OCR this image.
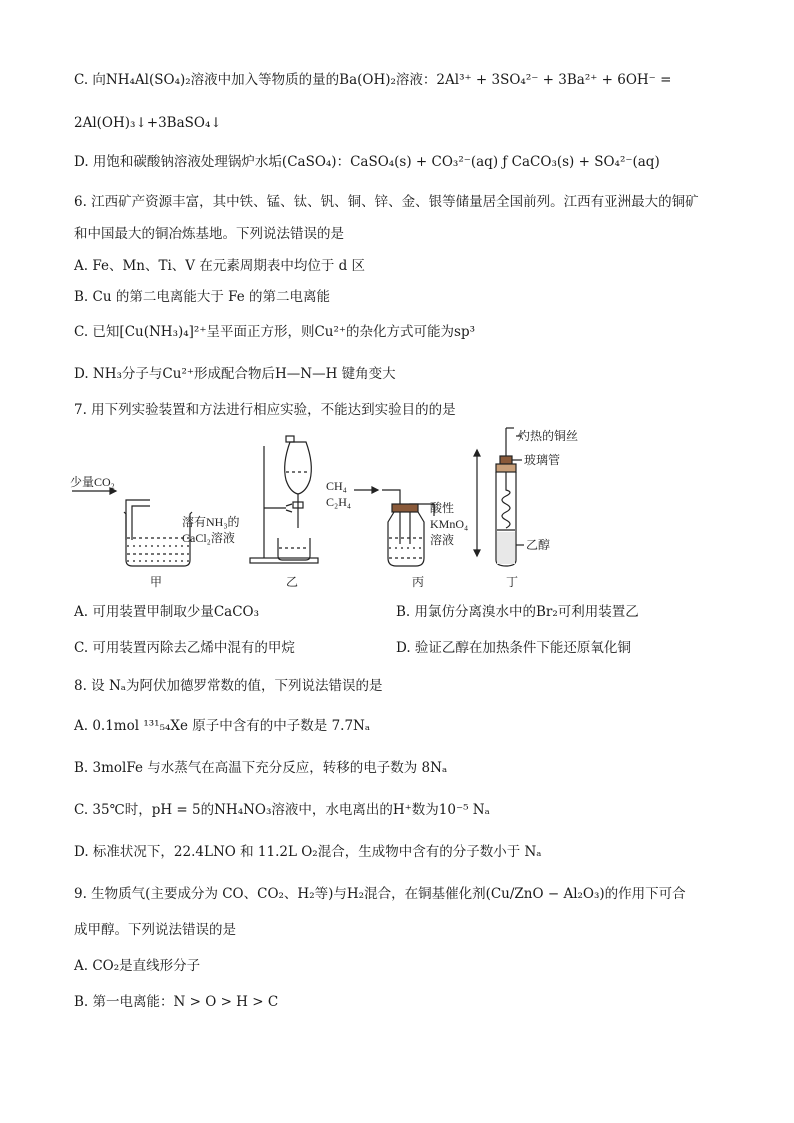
C. 向NH₄Al(SO₄)₂溶液中加入等物质的量的Ba(OH)₂溶液：2Al³⁺ + 3SO₄²⁻ + 3Ba²⁺ + 6OH⁻ =
2Al(OH)₃↓+3BaSO₄↓
D. 用饱和碳酸钠溶液处理锅炉水垢(CaSO₄)：CaSO₄(s) + CO₃²⁻(aq) ƒ CaCO₃(s) + SO₄²⁻(aq)
6. 江西矿产资源丰富，其中铁、锰、钛、钒、铜、锌、金、银等储量居全国前列。江西有亚洲最大的铜矿
和中国最大的铜冶炼基地。下列说法错误的是
A. Fe、Mn、Ti、V 在元素周期表中均位于 d 区
B. Cu 的第二电离能大于 Fe 的第二电离能
C. 已知[Cu(NH₃)₄]²⁺呈平面正方形，则Cu²⁺的杂化方式可能为sp³
D. NH₃分子与Cu²⁺形成配合物后H—N—H 键角变大
7. 用下列实验装置和方法进行相应实验，不能达到实验目的的是
少量CO₂
溶有NH₃的
CaCl₂溶液
CH₄
C₂H₄	酸性
KMnO₄
溶液
灼热的铜丝
玻璃管
乙醇
甲	乙	丙	丁
A. 可用装置甲制取少量CaCO₃	B. 用氯仿分离溴水中的Br₂可利用装置乙
C. 可用装置丙除去乙烯中混有的甲烷	D. 验证乙醇在加热条件下能还原氧化铜
8. 设 Nₐ为阿伏加德罗常数的值，下列说法错误的是
A. 0.1mol ¹³¹₅₄Xe 原子中含有的中子数是 7.7Nₐ
B. 3molFe 与水蒸气在高温下充分反应，转移的电子数为 8Nₐ
C. 35℃时，pH = 5的NH₄NO₃溶液中，水电离出的H⁺数为10⁻⁵ Nₐ
D. 标准状况下，22.4LNO 和 11.2L O₂混合，生成物中含有的分子数小于 Nₐ
9. 生物质气(主要成分为 CO、CO₂、H₂等)与H₂混合，在铜基催化剂(Cu/ZnO − Al₂O₃)的作用下可合
成甲醇。下列说法错误的是
A. CO₂是直线形分子
B. 第一电离能：N > O > H > C
